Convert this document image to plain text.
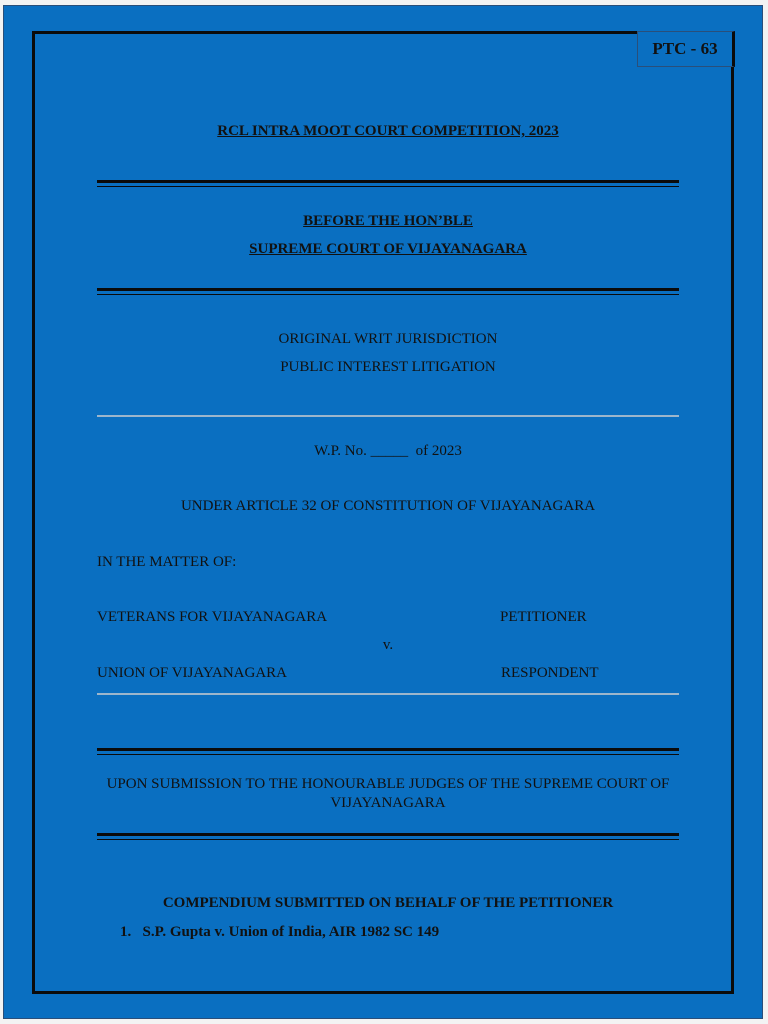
PTC - 63
RCL INTRA MOOT COURT COMPETITION, 2023
BEFORE THE HON’BLE
SUPREME COURT OF VIJAYANAGARA
ORIGINAL WRIT JURISDICTION
PUBLIC INTEREST LITIGATION
W.P. No. _____  of 2023
UNDER ARTICLE 32 OF CONSTITUTION OF VIJAYANAGARA
IN THE MATTER OF:
VETERANS FOR VIJAYANAGARA	PETITIONER
v.
UNION OF VIJAYANAGARA	RESPONDENT
UPON SUBMISSION TO THE HONOURABLE JUDGES OF THE SUPREME COURT OF
VIJAYANAGARA
COMPENDIUM SUBMITTED ON BEHALF OF THE PETITIONER
1.   S.P. Gupta v. Union of India, AIR 1982 SC 149
